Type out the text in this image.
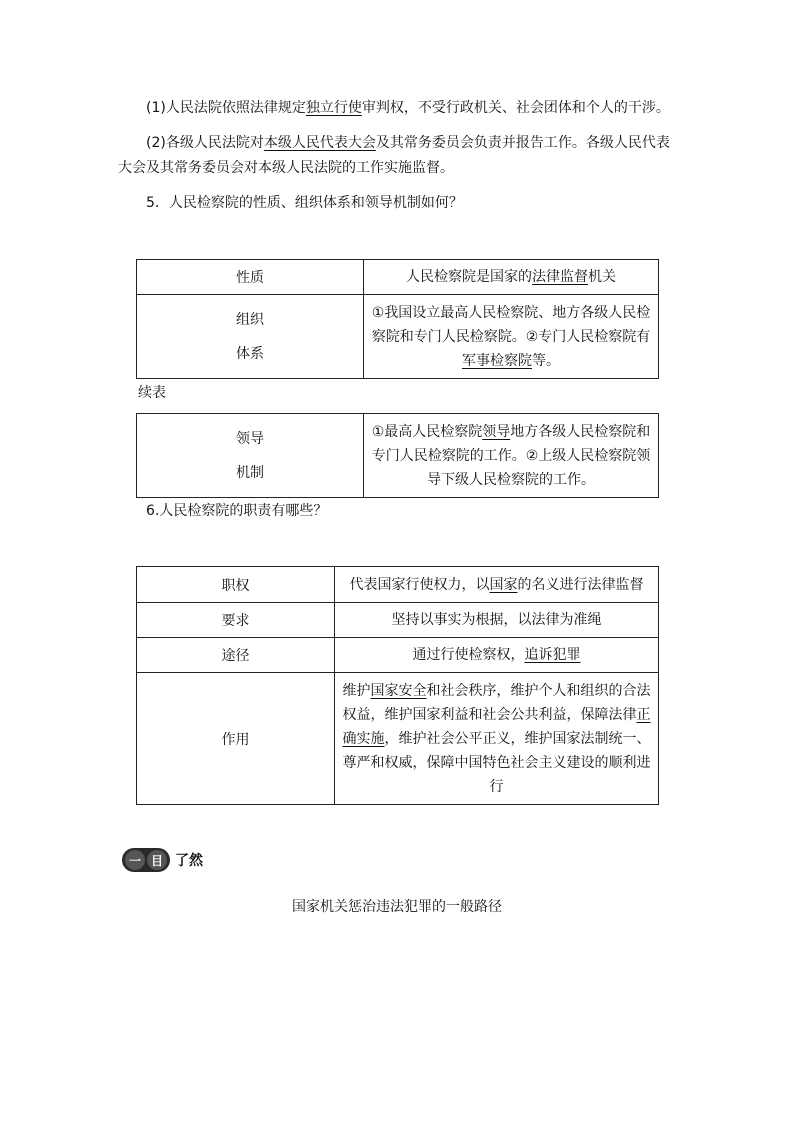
(1)人民法院依照法律规定独立行使审判权，不受行政机关、社会团体和个人的干涉。
(2)各级人民法院对本级人民代表大会及其常务委员会负责并报告工作。各级人民代表大会及其常务委员会对本级人民法院的工作实施监督。
5．人民检察院的性质、组织体系和领导机制如何？
性质	人民检察院是国家的法律监督机关

组织
体系	①我国设立最高人民检察院、地方各级人民检察院和专门人民检察院。②专门人民检察院有军事检察院等。
续表
领导
机制
	①最高人民检察院领导地方各级人民检察院和专门人民检察院的工作。②上级人民检察院领导下级人民检察院的工作。
6.人民检察院的职责有哪些？
职权	代表国家行使权力，以国家的名义进行法律监督
要求	坚持以事实为根据，以法律为准绳
途径	通过行使检察权，追诉犯罪
作用	维护国家安全和社会秩序，维护个人和组织的合法权益，维护国家利益和社会公共利益，保障法律正确实施，维护社会公平正义，维护国家法制统一、尊严和权威，保障中国特色社会主义建设的顺利进行
一 目 了然
国家机关惩治违法犯罪的一般路径
